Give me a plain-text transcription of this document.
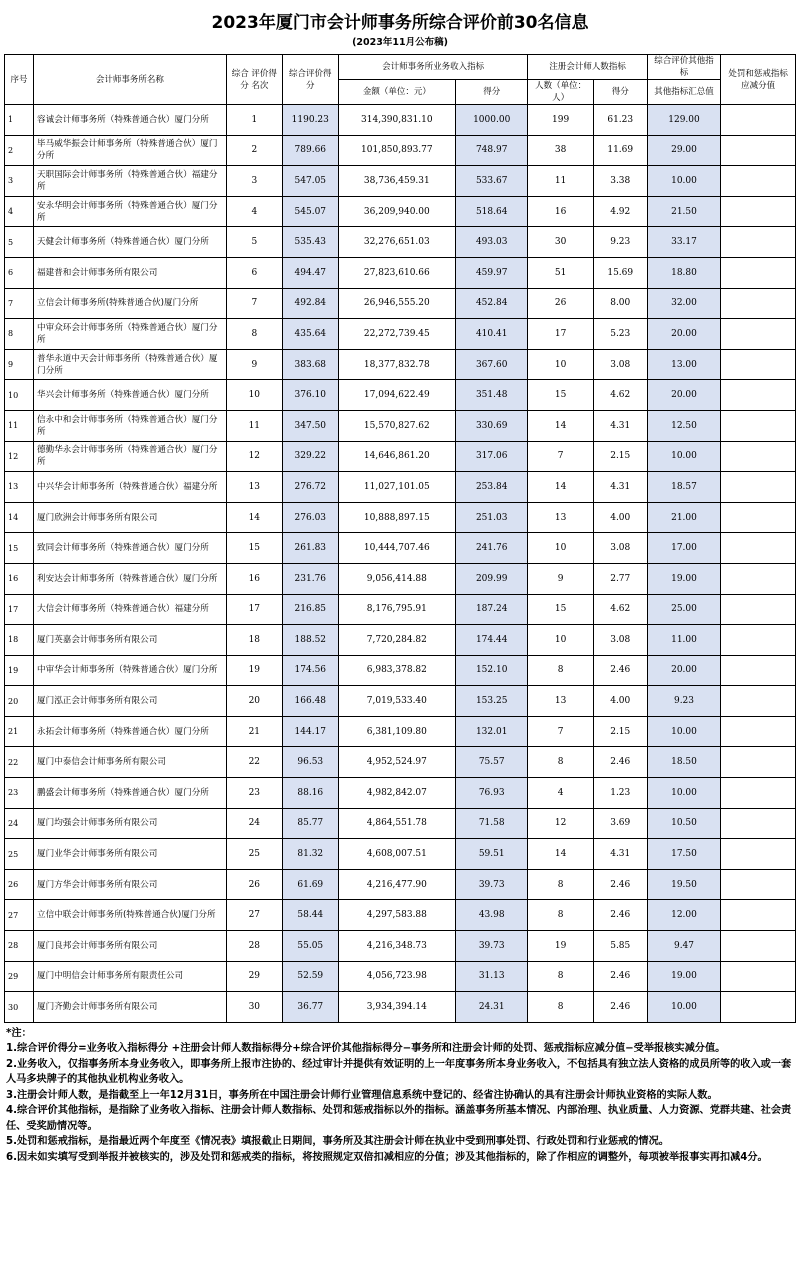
2023年厦门市会计师事务所综合评价前30名信息
(2023年11月公布稿)
序号	会计师事务所名称	综合 评价得分 名次	综合评价得分	会计师事务所业务收入指标		注册会计师人数指标		综合评价其他指标	处罚和惩戒指标应减分值
				金额（单位：元）	得分	人数（单位：人）	得分	其他指标汇总值	
1	容诚会计师事务所（特殊普通合伙）厦门分所	1	1190.23	314,390,831.10	1000.00	199	61.23	129.00	
2	毕马威华振会计师事务所（特殊普通合伙）厦门分所	2	789.66	101,850,893.77	748.97	38	11.69	29.00	
3	天职国际会计师事务所（特殊普通合伙）福建分所	3	547.05	38,736,459.31	533.67	11	3.38	10.00	
4	安永华明会计师事务所（特殊普通合伙）厦门分所	4	545.07	36,209,940.00	518.64	16	4.92	21.50	
5	天健会计师事务所（特殊普通合伙）厦门分所	5	535.43	32,276,651.03	493.03	30	9.23	33.17	
6	福建普和会计师事务所有限公司	6	494.47	27,823,610.66	459.97	51	15.69	18.80	
7	立信会计师事务所(特殊普通合伙)厦门分所	7	492.84	26,946,555.20	452.84	26	8.00	32.00	
8	中审众环会计师事务所（特殊普通合伙）厦门分所	8	435.64	22,272,739.45	410.41	17	5.23	20.00	
9	普华永道中天会计师事务所（特殊普通合伙）厦门分所	9	383.68	18,377,832.78	367.60	10	3.08	13.00	
10	华兴会计师事务所（特殊普通合伙）厦门分所	10	376.10	17,094,622.49	351.48	15	4.62	20.00	
11	信永中和会计师事务所（特殊普通合伙）厦门分所	11	347.50	15,570,827.62	330.69	14	4.31	12.50	
12	德勤华永会计师事务所（特殊普通合伙）厦门分所	12	329.22	14,646,861.20	317.06	7	2.15	10.00	
13	中兴华会计师事务所（特殊普通合伙）福建分所	13	276.72	11,027,101.05	253.84	14	4.31	18.57	
14	厦门欣洲会计师事务所有限公司	14	276.03	10,888,897.15	251.03	13	4.00	21.00	
15	致同会计师事务所（特殊普通合伙）厦门分所	15	261.83	10,444,707.46	241.76	10	3.08	17.00	
16	利安达会计师事务所（特殊普通合伙）厦门分所	16	231.76	9,056,414.88	209.99	9	2.77	19.00	
17	大信会计师事务所（特殊普通合伙）福建分所	17	216.85	8,176,795.91	187.24	15	4.62	25.00	
18	厦门英嘉会计师事务所有限公司	18	188.52	7,720,284.82	174.44	10	3.08	11.00	
19	中审华会计师事务所（特殊普通合伙）厦门分所	19	174.56	6,983,378.82	152.10	8	2.46	20.00	
20	厦门泓正会计师事务所有限公司	20	166.48	7,019,533.40	153.25	13	4.00	9.23	
21	永拓会计师事务所（特殊普通合伙）厦门分所	21	144.17	6,381,109.80	132.01	7	2.15	10.00	
22	厦门中泰信会计师事务所有限公司	22	96.53	4,952,524.97	75.57	8	2.46	18.50	
23	鹏盛会计师事务所（特殊普通合伙）厦门分所	23	88.16	4,982,842.07	76.93	4	1.23	10.00	
24	厦门均强会计师事务所有限公司	24	85.77	4,864,551.78	71.58	12	3.69	10.50	
25	厦门业华会计师事务所有限公司	25	81.32	4,608,007.51	59.51	14	4.31	17.50	
26	厦门方华会计师事务所有限公司	26	61.69	4,216,477.90	39.73	8	2.46	19.50	
27	立信中联会计师事务所(特殊普通合伙)厦门分所	27	58.44	4,297,583.88	43.98	8	2.46	12.00	
28	厦门良邦会计师事务所有限公司	28	55.05	4,216,348.73	39.73	19	5.85	9.47	
29	厦门中明信会计师事务所有限责任公司	29	52.59	4,056,723.98	31.13	8	2.46	19.00	
30	厦门齐勤会计师事务所有限公司	30	36.77	3,934,394.14	24.31	8	2.46	10.00	

*注：

1.综合评价得分=业务收入指标得分 +注册会计师人数指标得分+综合评价其他指标得分−事务所和注册会计师的处罚、惩戒指标应减分值−受举报核实减分值。

2.业务收入，仅指事务所本身业务收入，即事务所上报市注协的、经过审计并提供有效证明的上一年度事务所本身业务收入，不包括具有独立法人资格的成员所等的收入或一套人马多块牌子的其他执业机构业务收入。

3.注册会计师人数，是指截至上一年12月31日，事务所在中国注册会计师行业管理信息系统中登记的、经省注协确认的具有注册会计师执业资格的实际人数。

4.综合评价其他指标，是指除了业务收入指标、注册会计师人数指标、处罚和惩戒指标以外的指标。涵盖事务所基本情况、内部治理、执业质量、人力资源、党群共建、社会责任、受奖励情况等。

5.处罚和惩戒指标，是指最近两个年度至《情况表》填报截止日期间，事务所及其注册会计师在执业中受到刑事处罚、行政处罚和行业惩戒的情况。

6.因未如实填写受到举报并被核实的，涉及处罚和惩戒类的指标，将按照规定双倍扣减相应的分值；涉及其他指标的，除了作相应的调整外，每项被举报事实再扣减4分。
